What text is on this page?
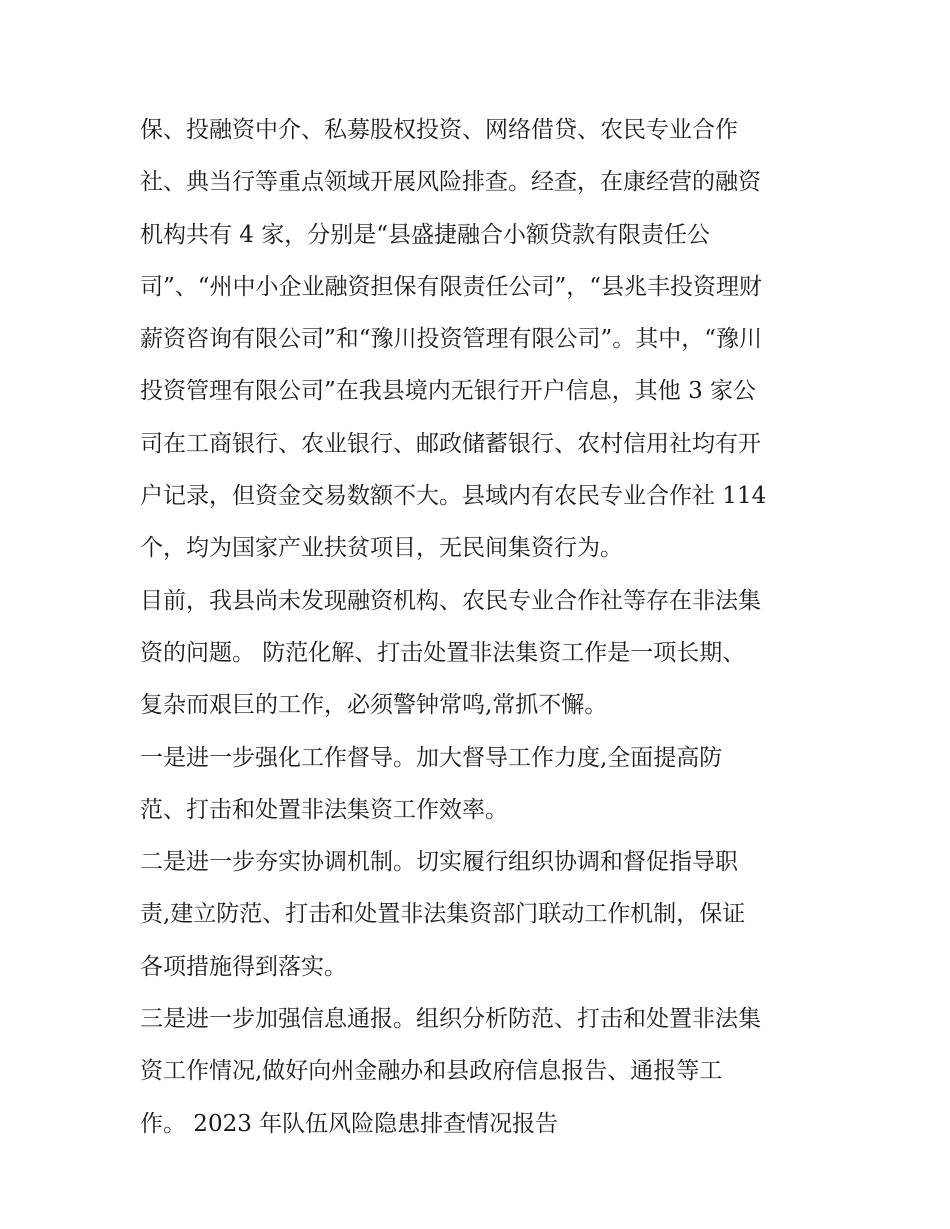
保、投融资中介、私募股权投资、网络借贷、农民专业合作
社、典当行等重点领域开展风险排查。经查，在康经营的融资
机构共有 4 家，分别是“县盛捷融合小额贷款有限责任公
司”、“州中小企业融资担保有限责任公司”，“县兆丰投资理财
薪资咨询有限公司”和“豫川投资管理有限公司”。其中，“豫川
投资管理有限公司”在我县境内无银行开户信息，其他 3 家公
司在工商银行、农业银行、邮政储蓄银行、农村信用社均有开
户记录，但资金交易数额不大。县域内有农民专业合作社 114
个，均为国家产业扶贫项目，无民间集资行为。
目前，我县尚未发现融资机构、农民专业合作社等存在非法集
资的问题。 防范化解、打击处置非法集资工作是一项长期、
复杂而艰巨的工作，必须警钟常鸣,常抓不懈。
一是进一步强化工作督导。加大督导工作力度,全面提高防
范、打击和处置非法集资工作效率。
二是进一步夯实协调机制。切实履行组织协调和督促指导职
责,建立防范、打击和处置非法集资部门联动工作机制，保证
各项措施得到落实。
三是进一步加强信息通报。组织分析防范、打击和处置非法集
资工作情况,做好向州金融办和县政府信息报告、通报等工
作。 2023 年队伍风险隐患排查情况报告
